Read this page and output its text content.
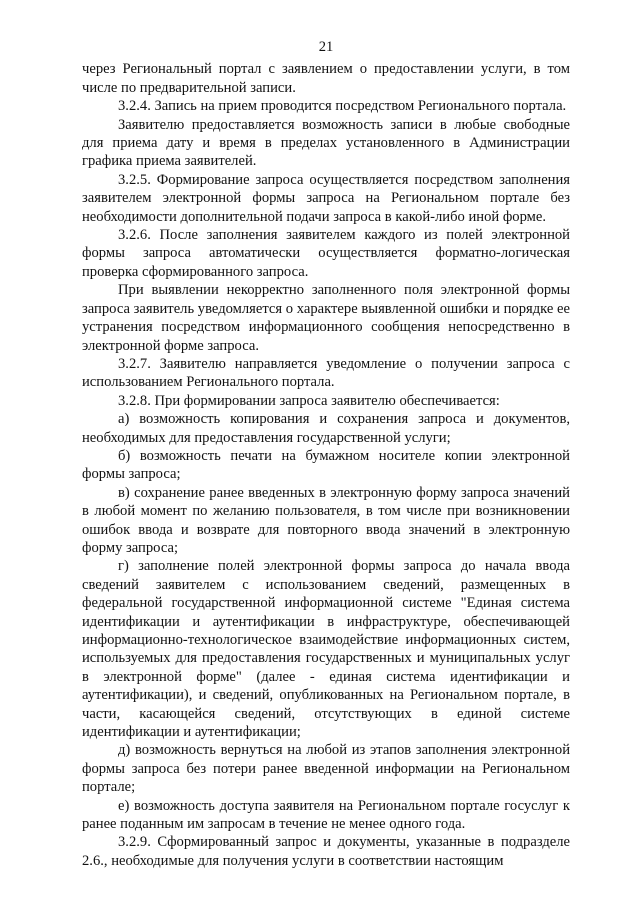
21

через Региональный портал с заявлением о предоставлении услуги, в том числе по предварительной записи.

3.2.4. Запись на прием проводится посредством Регионального портала.

Заявителю предоставляется возможность записи в любые свободные для приема дату и время в пределах установленного в Администрации графика приема заявителей.

3.2.5. Формирование запроса осуществляется посредством заполнения заявителем электронной формы запроса на Региональном портале без необходимости дополнительной подачи запроса в какой-либо иной форме.

3.2.6. После заполнения заявителем каждого из полей электронной формы запроса автоматически осуществляется форматно-логическая проверка сформированного запроса.

При выявлении некорректно заполненного поля электронной формы запроса заявитель уведомляется о характере выявленной ошибки и порядке ее устранения посредством информационного сообщения непосредственно в электронной форме запроса.

3.2.7. Заявителю направляется уведомление о получении запроса с использованием Регионального портала.

3.2.8. При формировании запроса заявителю обеспечивается:

а) возможность копирования и сохранения запроса и документов, необходимых для предоставления государственной услуги;

б) возможность печати на бумажном носителе копии электронной формы запроса;

в) сохранение ранее введенных в электронную форму запроса значений в любой момент по желанию пользователя, в том числе при возникновении ошибок ввода и возврате для повторного ввода значений в электронную форму запроса;

г) заполнение полей электронной формы запроса до начала ввода сведений заявителем с использованием сведений, размещенных в федеральной государственной информационной системе "Единая система идентификации и аутентификации в инфраструктуре, обеспечивающей информационно-технологическое взаимодействие информационных систем, используемых для предоставления государственных и муниципальных услуг в электронной форме" (далее - единая система идентификации и аутентификации), и сведений, опубликованных на Региональном портале, в части, касающейся сведений, отсутствующих в единой системе идентификации и аутентификации;

д) возможность вернуться на любой из этапов заполнения электронной формы запроса без потери ранее введенной информации на Региональном портале;

е) возможность доступа заявителя на Региональном портале госуслуг к ранее поданным им запросам в течение не менее одного года.

3.2.9. Сформированный запрос и документы, указанные в подразделе 2.6., необходимые для получения услуги в соответствии настоящим
